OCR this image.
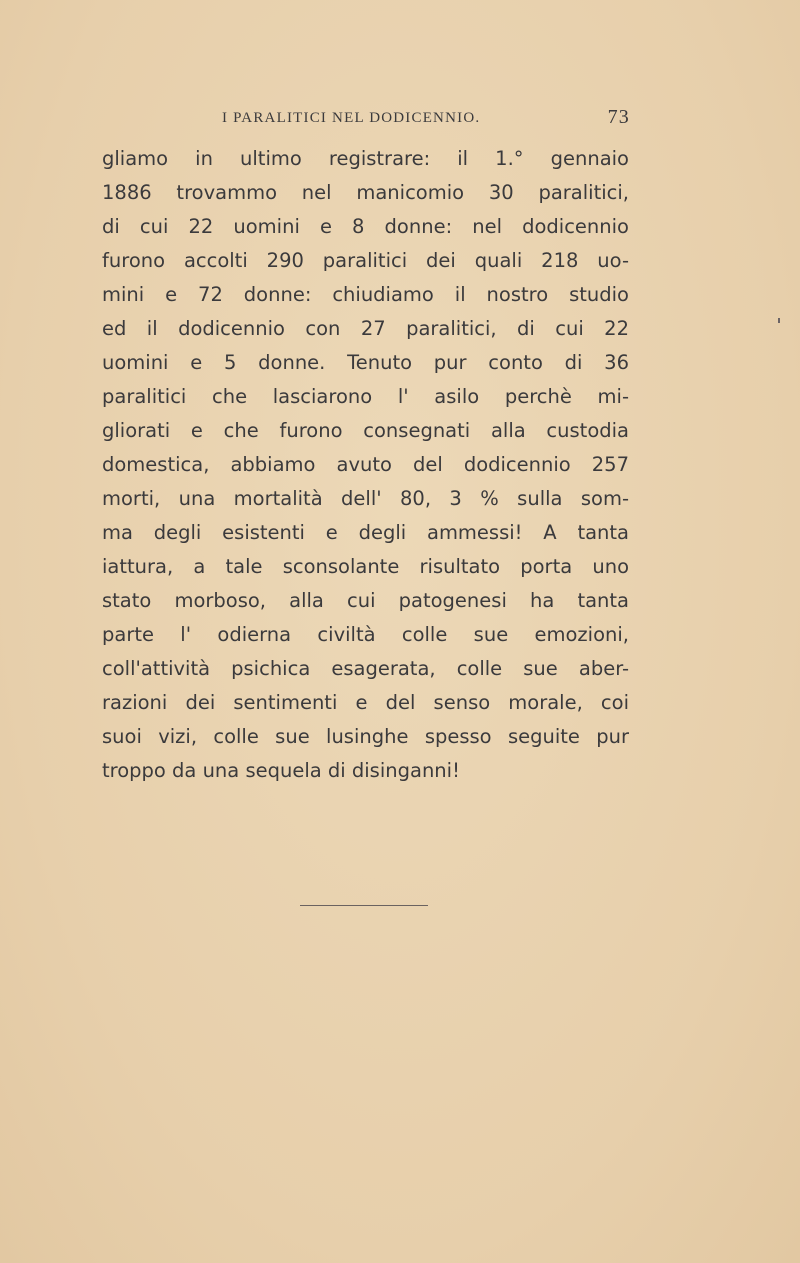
I PARALITICI NEL DODICENNIO.	73
gliamo in ultimo registrare: il 1.° gennaio
1886 trovammo nel manicomio 30 paralitici,
di cui 22 uomini e 8 donne: nel dodicennio
furono accolti 290 paralitici dei quali 218 uo-
mini e 72 donne: chiudiamo il nostro studio
ed il dodicennio con 27 paralitici, di cui 22
uomini e 5 donne. Tenuto pur conto di 36
paralitici che lasciarono l' asilo perchè mi-
gliorati e che furono consegnati alla custodia
domestica, abbiamo avuto del dodicennio 257
morti, una mortalità dell' 80, 3 % sulla som-
ma degli esistenti e degli ammessi! A tanta
iattura, a tale sconsolante risultato porta uno
stato morboso, alla cui patogenesi ha tanta
parte l' odierna civiltà colle sue emozioni,
coll'attività psichica esagerata, colle sue aber-
razioni dei sentimenti e del senso morale, coi
suoi vizi, colle sue lusinghe spesso seguite pur
troppo da una sequela di disinganni!
